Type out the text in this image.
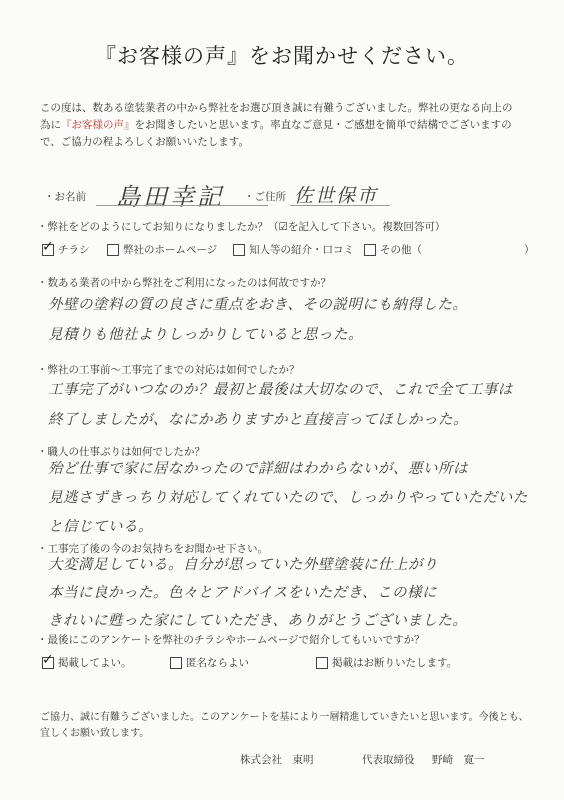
『お客様の声』をお聞かせください。
この度は、数ある塗装業者の中から弊社をお選び頂き誠に有難うございました。弊社の更なる向上の為に『お客様の声』をお聞きしたいと思います。率直なご意見・ご感想を簡単で結構でございますので、ご協力の程よろしくお願いいたします。
・お名前 島田幸記 ・ご住所 佐世保市
・弊社をどのようにしてお知りになりましたか？（☑を記入して下さい。複数回答可）
✓
チラシ	弊社のホームページ	知人等の紹介・口コミ その他（	）
・数ある業者の中から弊社をご利用になったのは何故ですか？
外壁の塗料の質の良さに重点をおき、その説明にも納得した。
見積りも他社よりしっかりしていると思った。
・弊社の工事前～工事完了までの対応は如何でしたか？
工事完了がいつなのか？最初と最後は大切なので、これで全て工事は
終了しましたが、なにかありますかと直接言ってほしかった。
・職人の仕事ぶりは如何でしたか？
殆ど仕事で家に居なかったので詳細はわからないが、悪い所は
見逃さずきっちり対応してくれていたので、しっかりやっていただいた
と信じている。
・工事完了後の今のお気持ちをお聞かせ下さい。
大変満足している。自分が思っていた外壁塗装に仕上がり
本当に良かった。色々とアドバイスをいただき、この様に
きれいに甦った家にしていただき、ありがとうございました。
・最後にこのアンケートを弊社のチラシやホームページで紹介してもいいですか？
✓
掲載してよい。	匿名ならよい	掲載はお断りいたします。
ご協力、誠に有難うございました。このアンケートを基により一層精進していきたいと思います。今後とも、宜しくお願い致します。
株式会社　東明	代表取締役 野崎　寛一
